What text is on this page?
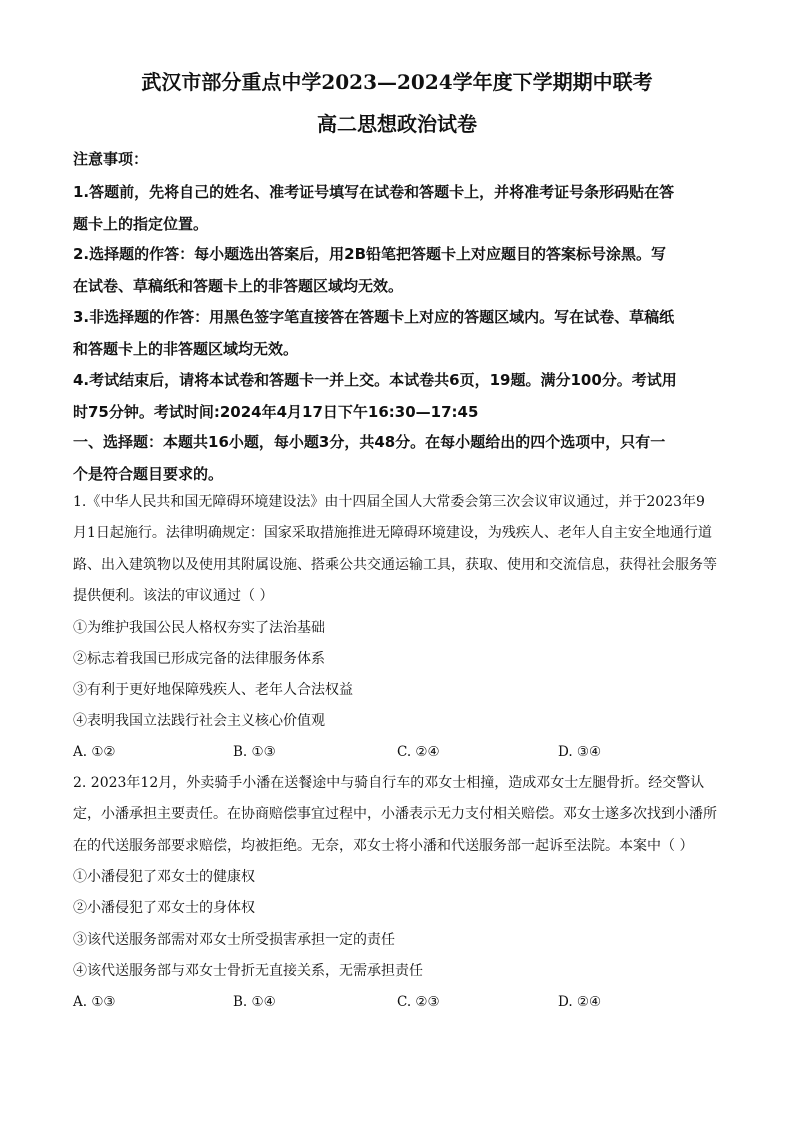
武汉市部分重点中学2023—2024学年度下学期期中联考
高二思想政治试卷
注意事项：
1.答题前，先将自己的姓名、准考证号填写在试卷和答题卡上，并将准考证号条形码贴在答
题卡上的指定位置。
2.选择题的作答：每小题选出答案后，用2B铅笔把答题卡上对应题目的答案标号涂黑。写
在试卷、草稿纸和答题卡上的非答题区域均无效。
3.非选择题的作答：用黑色签字笔直接答在答题卡上对应的答题区域内。写在试卷、草稿纸
和答题卡上的非答题区域均无效。
4.考试结束后，请将本试卷和答题卡一并上交。本试卷共6页，19题。满分100分。考试用
时75分钟。考试时间:2024年4月17日下午16:30—17:45
一、选择题：本题共16小题，每小题3分，共48分。在每小题给出的四个选项中，只有一
个是符合题目要求的。
1.《中华人民共和国无障碍环境建设法》由十四届全国人大常委会第三次会议审议通过，并于2023年9
月1日起施行。法律明确规定：国家采取措施推进无障碍环境建设，为残疾人、老年人自主安全地通行道
路、出入建筑物以及使用其附属设施、搭乘公共交通运输工具，获取、使用和交流信息，获得社会服务等
提供便利。该法的审议通过（ ）
①为维护我国公民人格权夯实了法治基础
②标志着我国已形成完备的法律服务体系
③有利于更好地保障残疾人、老年人合法权益
④表明我国立法践行社会主义核心价值观
A. ①②	B. ①③	C. ②④	D. ③④
2. 2023年12月，外卖骑手小潘在送餐途中与骑自行车的邓女士相撞，造成邓女士左腿骨折。经交警认
定，小潘承担主要责任。在协商赔偿事宜过程中，小潘表示无力支付相关赔偿。邓女士遂多次找到小潘所
在的代送服务部要求赔偿，均被拒绝。无奈，邓女士将小潘和代送服务部一起诉至法院。本案中（ ）
①小潘侵犯了邓女士的健康权
②小潘侵犯了邓女士的身体权
③该代送服务部需对邓女士所受损害承担一定的责任
④该代送服务部与邓女士骨折无直接关系，无需承担责任
A. ①③	B. ①④	C. ②③	D. ②④
